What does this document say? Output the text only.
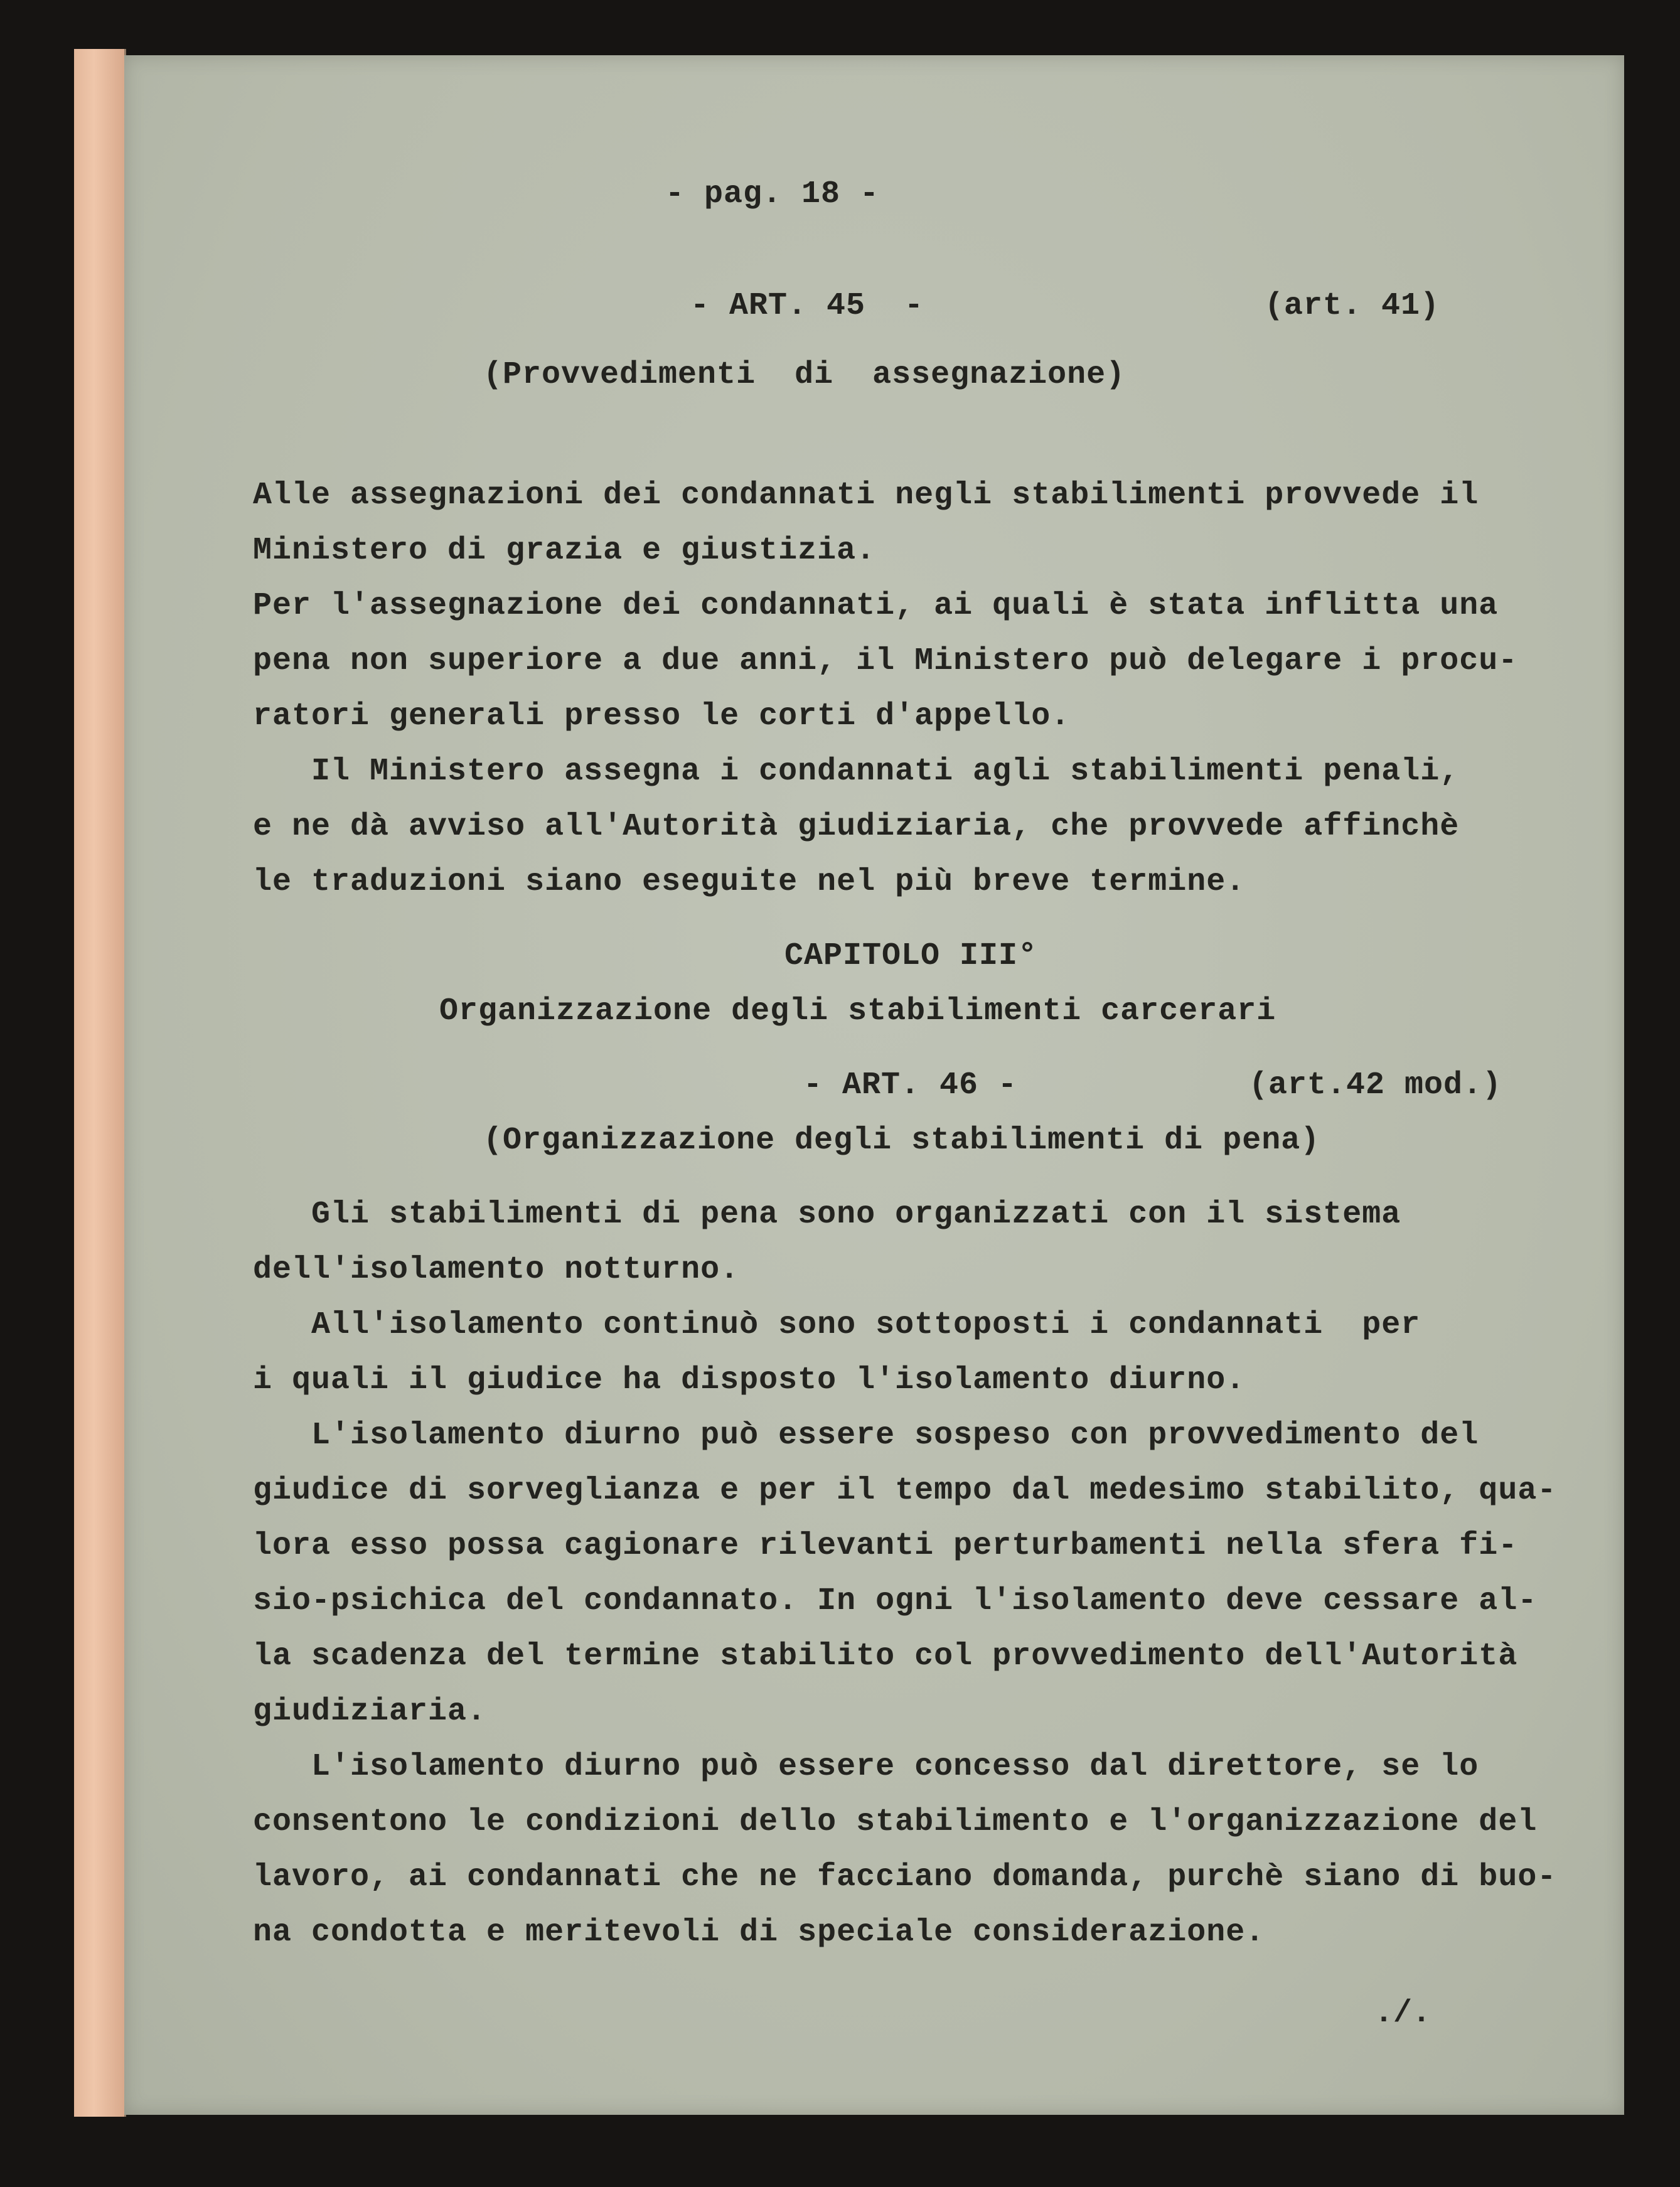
- pag. 18 -
- ART. 45  -	(art. 41)
(Provvedimenti  di  assegnazione)
Alle assegnazioni dei condannati negli stabilimenti provvede il
Ministero di grazia e giustizia.
Per l'assegnazione dei condannati, ai quali è stata inflitta una
pena non superiore a due anni, il Ministero può delegare i procu-
ratori generali presso le corti d'appello.
Il Ministero assegna i condannati agli stabilimenti penali,
e ne dà avviso all'Autorità giudiziaria, che provvede affinchè
le traduzioni siano eseguite nel più breve termine.
CAPITOLO III°
Organizzazione degli stabilimenti carcerari
- ART. 46 -	(art.42 mod.)
(Organizzazione degli stabilimenti di pena)
Gli stabilimenti di pena sono organizzati con il sistema
dell'isolamento notturno.
All'isolamento continuò sono sottoposti i condannati  per
i quali il giudice ha disposto l'isolamento diurno.
L'isolamento diurno può essere sospeso con provvedimento del
giudice di sorveglianza e per il tempo dal medesimo stabilito, qua-
lora esso possa cagionare rilevanti perturbamenti nella sfera fi-
sio-psichica del condannato. In ogni l'isolamento deve cessare al-
la scadenza del termine stabilito col provvedimento dell'Autorità
giudiziaria.
L'isolamento diurno può essere concesso dal direttore, se lo
consentono le condizioni dello stabilimento e l'organizzazione del
lavoro, ai condannati che ne facciano domanda, purchè siano di buo-
na condotta e meritevoli di speciale considerazione.
./.
